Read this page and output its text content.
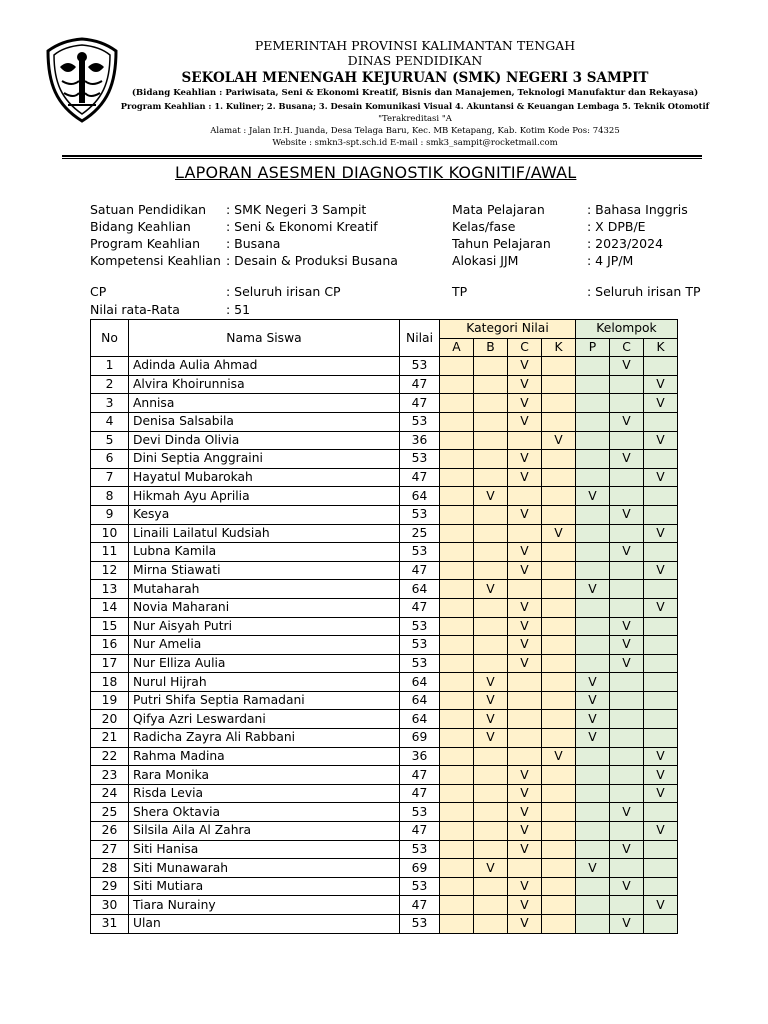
PEMERINTAH PROVINSI KALIMANTAN TENGAH
DINAS PENDIDIKAN
SEKOLAH MENENGAH KEJURUAN (SMK) NEGERI 3 SAMPIT
(Bidang Keahlian : Pariwisata, Seni & Ekonomi Kreatif, Bisnis dan Manajemen, Teknologi Manufaktur dan Rekayasa)
Program Keahlian : 1. Kuliner; 2. Busana; 3. Desain Komunikasi Visual 4. Akuntansi & Keuangan Lembaga 5. Teknik Otomotif
"Terakreditasi "A
Alamat : Jalan Ir.H. Juanda, Desa Telaga Baru, Kec. MB Ketapang, Kab. Kotim Kode Pos: 74325
Website : smkn3-spt.sch.id E-mail : smk3_sampit@rocketmail.com
LAPORAN ASESMEN DIAGNOSTIK KOGNITIF/AWAL
Satuan Pendidikan : SMK Negeri 3 Sampit
Bidang Keahlian	: Seni & Ekonomi Kreatif
Program Keahlian : Busana
Kompetensi Keahlian : Desain & Produksi Busana
Mata Pelajaran	: Bahasa Inggris
Kelas/fase	: X DPB/E
Tahun Pelajaran	: 2023/2024
Alokasi JJM	: 4 JP/M
CP	: Seluruh irisan CP	TP	: Seluruh irisan TP
Nilai rata-Rata	: 51
No	Nama Siswa	Nilai	Kategori Nilai				Kelompok		
			A	B	C	K	P	C	K
1	Adinda Aulia Ahmad	53			V			V	
2	Alvira Khoirunnisa	47			V				V
3	Annisa	47			V				V
4	Denisa Salsabila	53			V			V	
5	Devi Dinda Olivia	36				V			V
6	Dini Septia Anggraini	53			V			V	
7	Hayatul Mubarokah	47			V				V
8	Hikmah Ayu Aprilia	64		V			V		
9	Kesya	53			V			V	
10	Linaili Lailatul Kudsiah	25				V			V
11	Lubna Kamila	53			V			V	
12	Mirna Stiawati	47			V				V
13	Mutaharah	64		V			V		
14	Novia Maharani	47			V				V
15	Nur Aisyah Putri	53			V			V	
16	Nur Amelia	53			V			V	
17	Nur Elliza Aulia	53			V			V	
18	Nurul Hijrah	64		V			V		
19	Putri Shifa Septia Ramadani	64		V			V		
20	Qifya Azri Leswardani	64		V			V		
21	Radicha Zayra Ali Rabbani	69		V			V		
22	Rahma Madina	36				V			V
23	Rara Monika	47			V				V
24	Risda Levia	47			V				V
25	Shera Oktavia	53			V			V	
26	Silsila Aila Al Zahra	47			V				V
27	Siti Hanisa	53			V			V	
28	Siti Munawarah	69		V			V		
29	Siti Mutiara	53			V			V	
30	Tiara Nurainy	47			V				V
31	Ulan	53			V			V	
